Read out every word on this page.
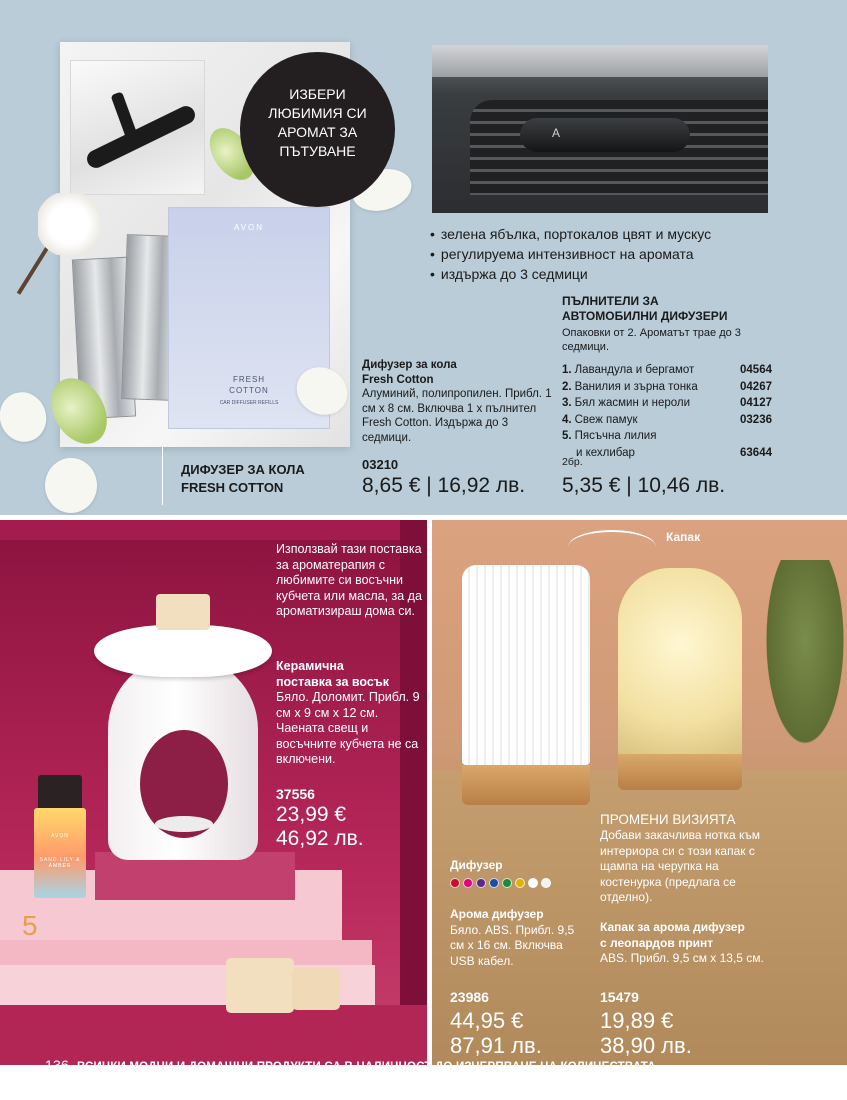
AVON
FRESH
COTTON
CAR DIFFUSER REFILLS
ИЗБЕРИ
ЛЮБИМИЯ СИ
АРОМАТ ЗА
ПЪТУВАНЕ
A
• зелена ябълка, портокалов цвят и мускус
• регулируема интензивност на аромата
• издържа до 3 седмици
ДИФУЗЕР ЗА КОЛА
FRESH COTTON
Дифузер за кола
Fresh Cotton
Алуминий, полипропилен. Прибл. 1 см x 8 см. Включва 1 x пълнител Fresh Cotton. Издържа до 3 седмици.
03210
8,65 € | 16,92 лв.
ПЪЛНИТЕЛИ ЗА
АВТОМОБИЛНИ ДИФУЗЕРИ
Опаковки от 2. Ароматът трае до 3 седмици.
1. Лавандула и бергамот	04564
2. Ванилия и зърна тонка	04267
3. Бял жасмин и нероли	04127
4. Свеж памук	03236
5. Пясъчна лилия
и кехлибар	63644
2бр.
5,35 € | 10,46 лв.
5
AVON
SAND LILY & AMBER
Използвай тази поставка за ароматерапия с любимите си восъчни кубчета или масла, за да ароматизираш дома си.
Керамична
поставка за восък
Бяло. Доломит. Прибл. 9 см x 9 см x 12 см. Чаената свещ и восъчните кубчета не са включени.
37556
23,99 €
46,92 лв.
Капак
ПРОМЕНИ ВИЗИЯТА
Добави закачлива нотка към интериора си с този капак с щампа на черупка на костенурка (предлага се отделно).
Дифузер
Арома дифузер
Бяло. ABS. Прибл. 9,5 см x 16 см. Включва USB кабел.
23986
44,95 €
87,91 лв.
Капак за арома дифузер
с леопардов принт
ABS. Прибл. 9,5 см x 13,5 см.
15479
19,89 €
38,90 лв.
136 ВСИЧКИ МОДНИ И ДОМАШНИ ПРОДУКТИ СА В НАЛИЧНОСТ ДО ИЗЧЕРПВАНЕ НА КОЛИЧЕСТВАТА.
